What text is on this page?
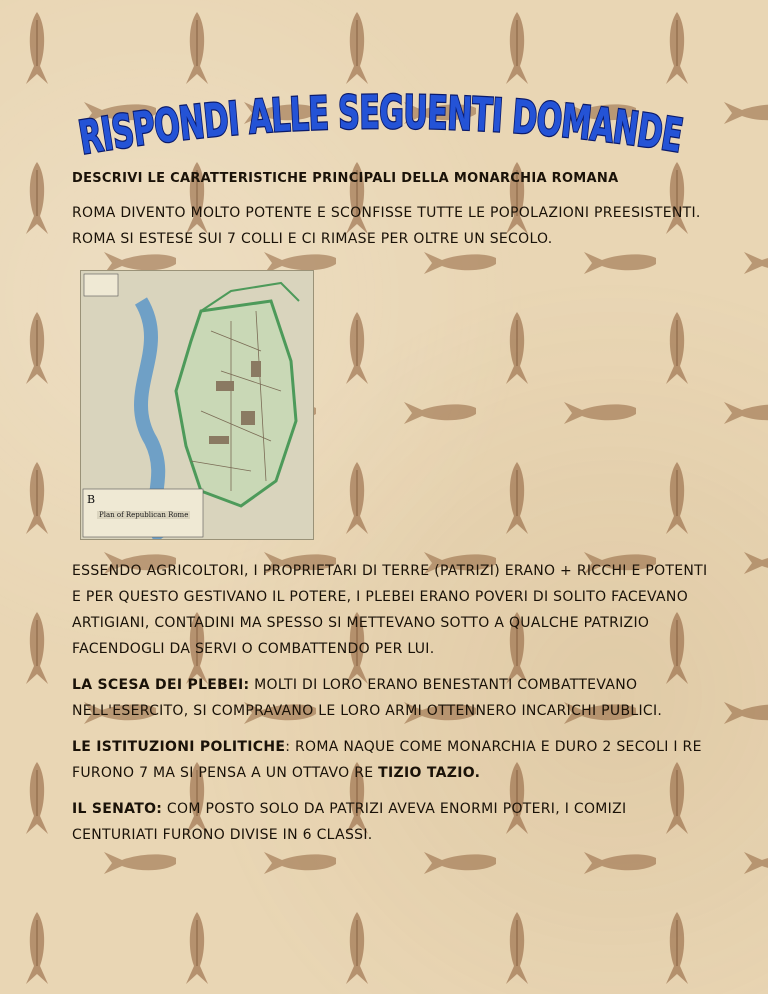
RISPONDI ALLE SEGUENTI DOMANDE

DESCRIVI LE CARATTERISTICHE PRINCIPALI DELLA MONARCHIA ROMANA

ROMA DIVENTO MOLTO POTENTE E SCONFISSE TUTTE LE POPOLAZIONI PREESISTENTI. ROMA SI ESTESE SUI 7 COLLI E CI RIMASE PER OLTRE UN SECOLO.

B
Plan of Republican Rome

ESSENDO AGRICOLTORI, I PROPRIETARI DI TERRE (PATRIZI) ERANO + RICCHI E POTENTI E PER QUESTO GESTIVANO IL POTERE, I PLEBEI ERANO POVERI DI SOLITO FACEVANO ARTIGIANI, CONTADINI MA SPESSO SI METTEVANO SOTTO A QUALCHE PATRIZIO FACENDOGLI DA SERVI O COMBATTENDO PER LUI.

LA SCESA DEI PLEBEI: MOLTI DI LORO ERANO BENESTANTI COMBATTEVANO NELL'ESERCITO, SI COMPRAVANO LE LORO ARMI OTTENNERO INCARICHI PUBLICI.

LE ISTITUZIONI POLITICHE: ROMA NAQUE COME MONARCHIA E DURO 2 SECOLI I RE FURONO 7 MA SI PENSA A UN OTTAVO RE TIZIO TAZIO.

IL SENATO: COM POSTO SOLO DA PATRIZI AVEVA ENORMI POTERI, I COMIZI CENTURIATI FURONO DIVISE IN 6 CLASSI.
